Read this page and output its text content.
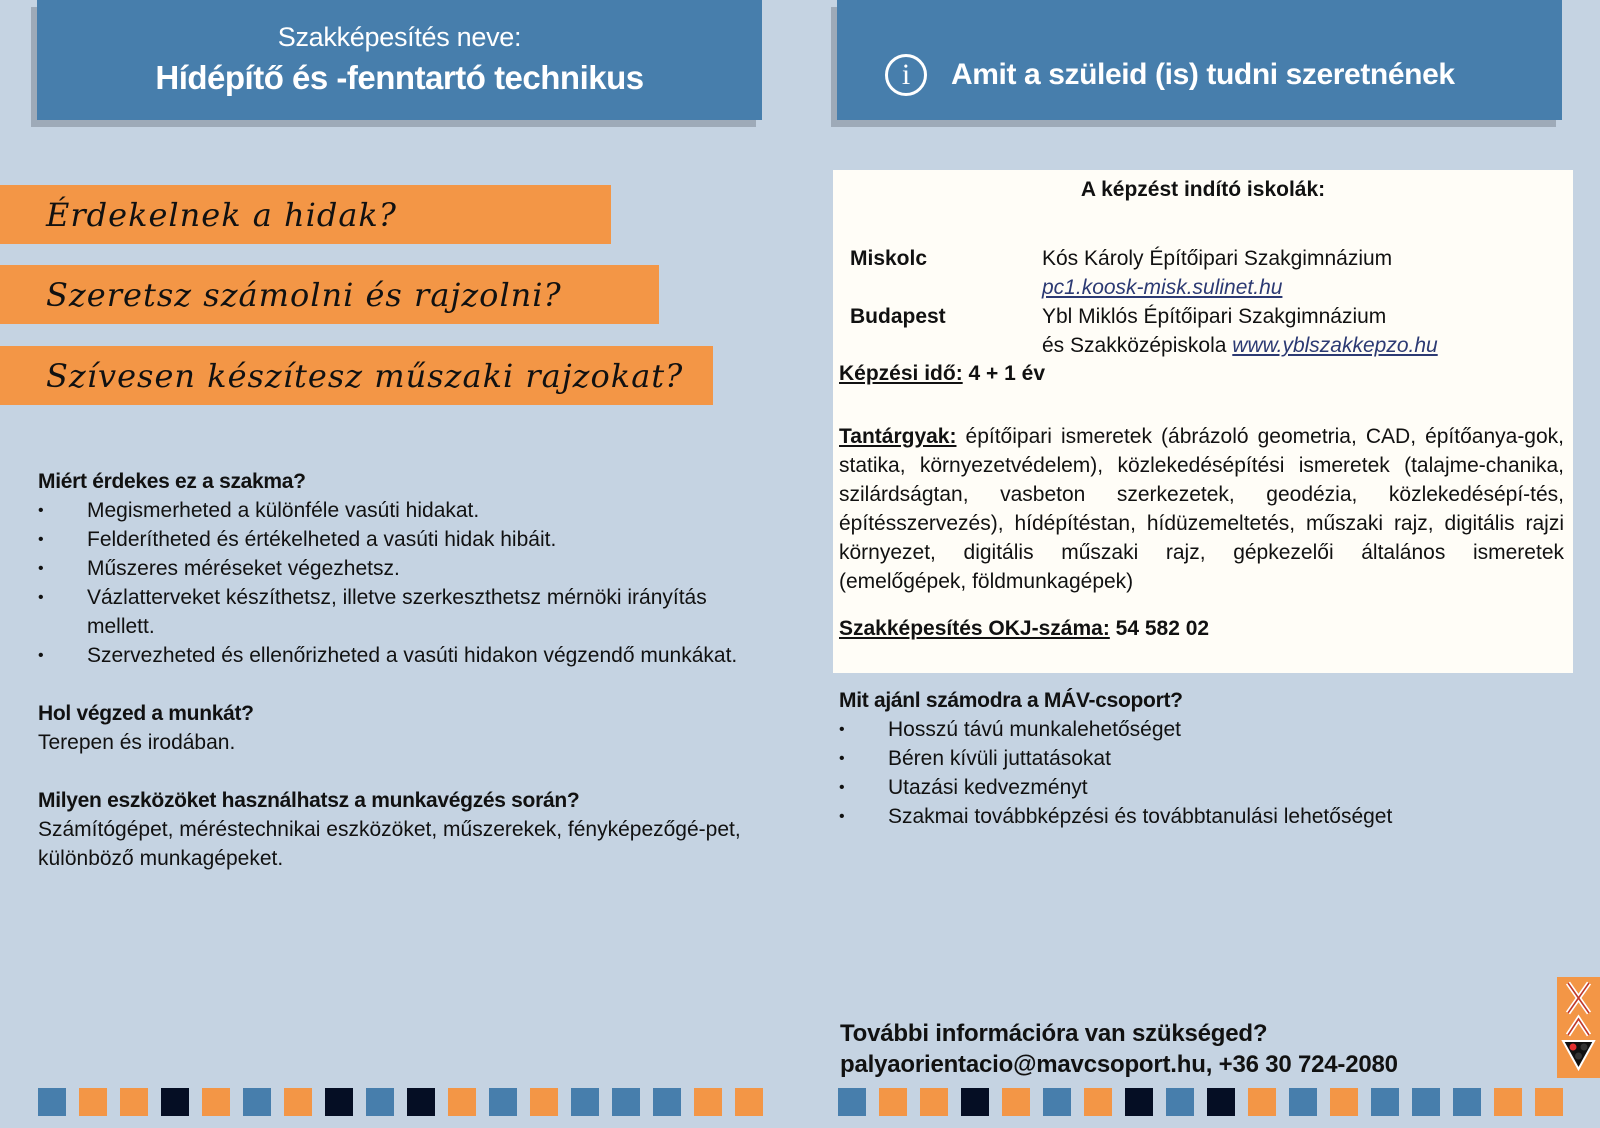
Szakképesítés neve:
Hídépítő és -fenntartó technikus	i	Amit a szüleid (is) tudni szeretnének
Érdekelnek a hidak?
Szeretsz számolni és rajzolni?
Szívesen készítesz műszaki rajzokat?
Miért érdekes ez a szakma?
• Megismerheted a különféle vasúti hidakat.
• Felderítheted és értékelheted a vasúti hidak hibáit.
• Műszeres méréseket végezhetsz.
• Vázlatterveket készíthetsz, illetve szerkeszthetsz mérnöki irányítás mellett.
• Szervezheted és ellenőrizheted a vasúti hidakon végzendő munkákat.
Hol végzed a munkát?
Terepen és irodában.
Milyen eszközöket használhatsz a munkavégzés során?
Számítógépet, méréstechnikai eszközöket, műszerekek, fényképezőgé-pet, különböző munkagépeket.
A képzést indító iskolák:
Miskolc	Kós Károly Építőipari Szakgimnázium
pc1.koosk-misk.sulinet.hu
Budapest	Ybl Miklós Építőipari Szakgimnázium
és Szakközépiskola www.yblszakkepzo.hu
Képzési idő: 4 + 1 év
Tantárgyak: építőipari ismeretek (ábrázoló geometria, CAD, építőanya-gok, statika, környezetvédelem), közlekedésépítési ismeretek (talajme-chanika, szilárdságtan, vasbeton szerkezetek, geodézia, közlekedésépí-tés, építésszervezés), hídépítéstan, hídüzemeltetés, műszaki rajz, digitális rajzi környezet, digitális műszaki rajz, gépkezelői általános ismeretek (emelőgépek, földmunkagépek)
Szakképesítés OKJ-száma: 54 582 02
Mit ajánl számodra a MÁV-csoport?
• Hosszú távú munkalehetőséget
• Béren kívüli juttatásokat
• Utazási kedvezményt
• Szakmai továbbképzési és továbbtanulási lehetőséget
További információra van szükséged?
palyaorientacio@mavcsoport.hu, +36 30 724-2080
